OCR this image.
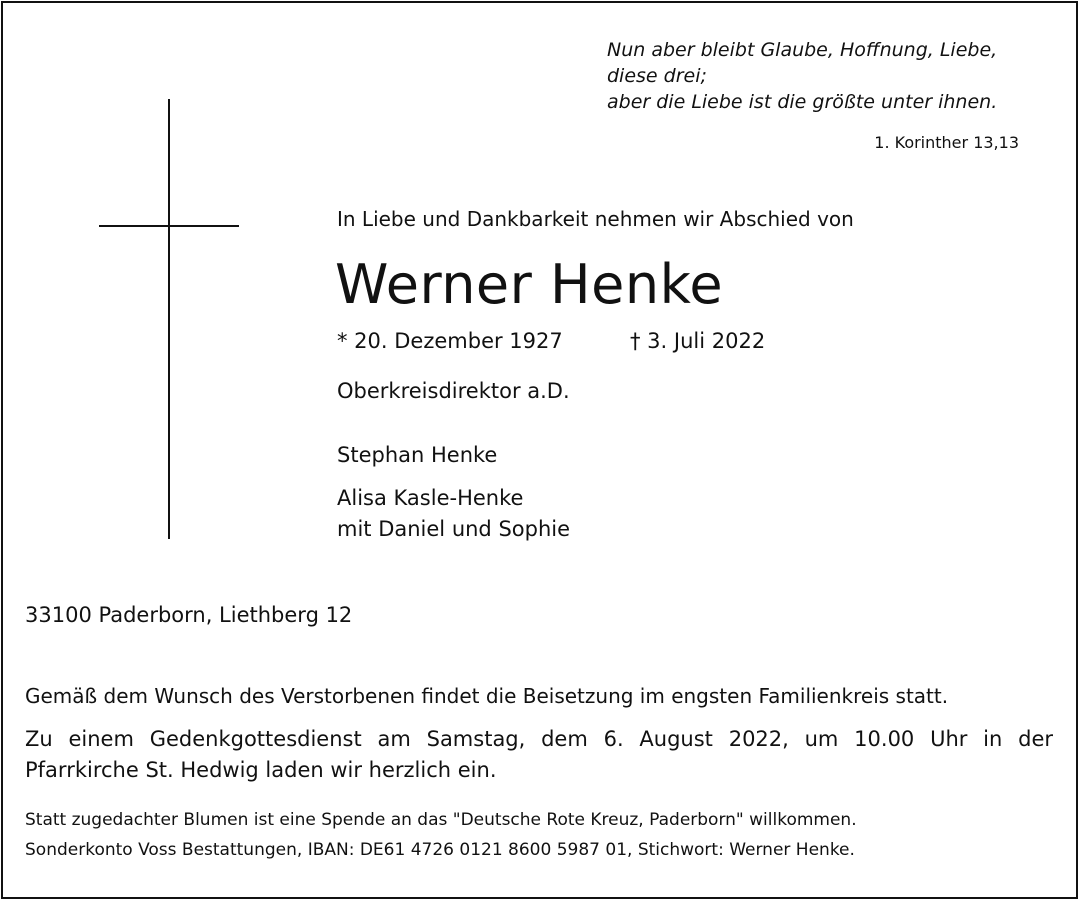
Nun aber bleibt Glaube, Hoffnung, Liebe,
diese drei;
aber die Liebe ist die größte unter ihnen.
1. Korinther 13,13
In Liebe und Dankbarkeit nehmen wir Abschied von
Werner Henke
* 20. Dezember 1927	† 3. Juli 2022
Oberkreisdirektor a.D.
Stephan Henke
Alisa Kasle-Henke
mit Daniel und Sophie
33100 Paderborn, Liethberg 12
Gemäß dem Wunsch des Verstorbenen findet die Beisetzung im engsten Familienkreis statt.
Zu einem Gedenkgottesdienst am Samstag, dem 6. August 2022, um 10.00 Uhr in der
Pfarrkirche St. Hedwig laden wir herzlich ein.
Statt zugedachter Blumen ist eine Spende an das "Deutsche Rote Kreuz, Paderborn" willkommen.
Sonderkonto Voss Bestattungen, IBAN: DE61 4726 0121 8600 5987 01, Stichwort: Werner Henke.
